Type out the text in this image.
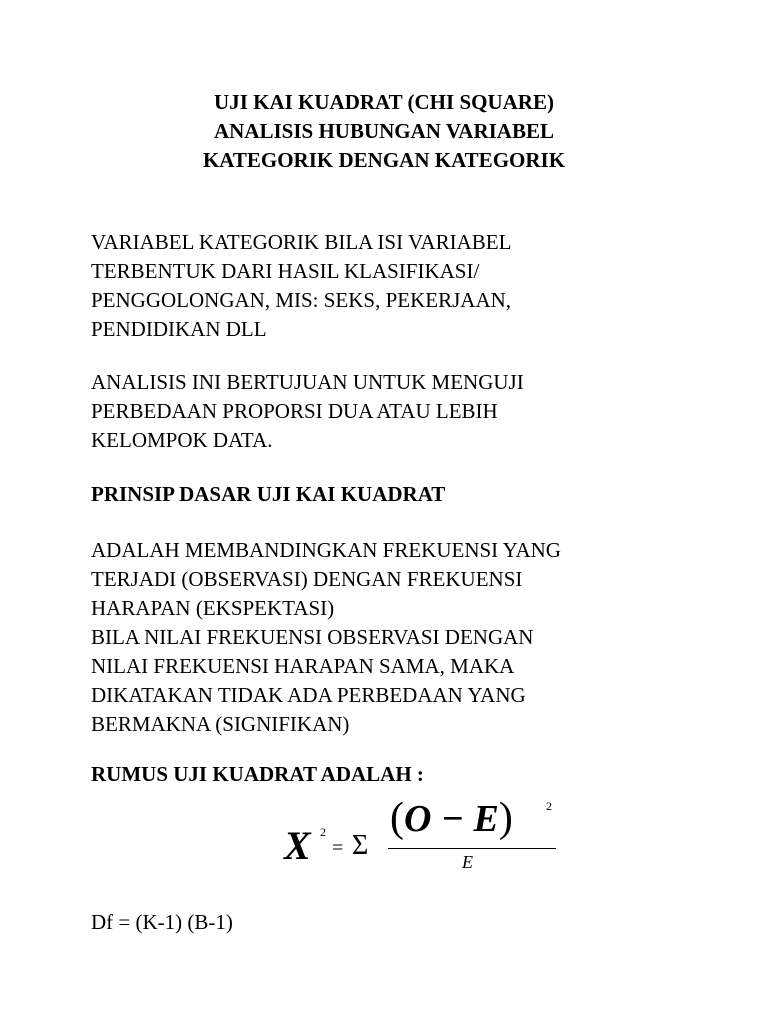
UJI KAI KUADRAT (CHI SQUARE)
ANALISIS HUBUNGAN VARIABEL
KATEGORIK DENGAN KATEGORIK
VARIABEL KATEGORIK BILA ISI VARIABEL
TERBENTUK DARI HASIL KLASIFIKASI/
PENGGOLONGAN, MIS: SEKS, PEKERJAAN,
PENDIDIKAN DLL
ANALISIS INI BERTUJUAN UNTUK MENGUJI
PERBEDAAN PROPORSI DUA ATAU LEBIH
KELOMPOK DATA.
PRINSIP DASAR UJI KAI KUADRAT
ADALAH MEMBANDINGKAN FREKUENSI YANG
TERJADI (OBSERVASI) DENGAN FREKUENSI
HARAPAN (EKSPEKTASI)
BILA NILAI FREKUENSI OBSERVASI DENGAN
NILAI FREKUENSI HARAPAN SAMA, MAKA
DIKATAKAN TIDAK ADA PERBEDAAN YANG
BERMAKNA (SIGNIFIKAN)
RUMUS UJI KUADRAT ADALAH :
X 2
= Σ
(O − E)	2
E
Df = (K-1) (B-1)
